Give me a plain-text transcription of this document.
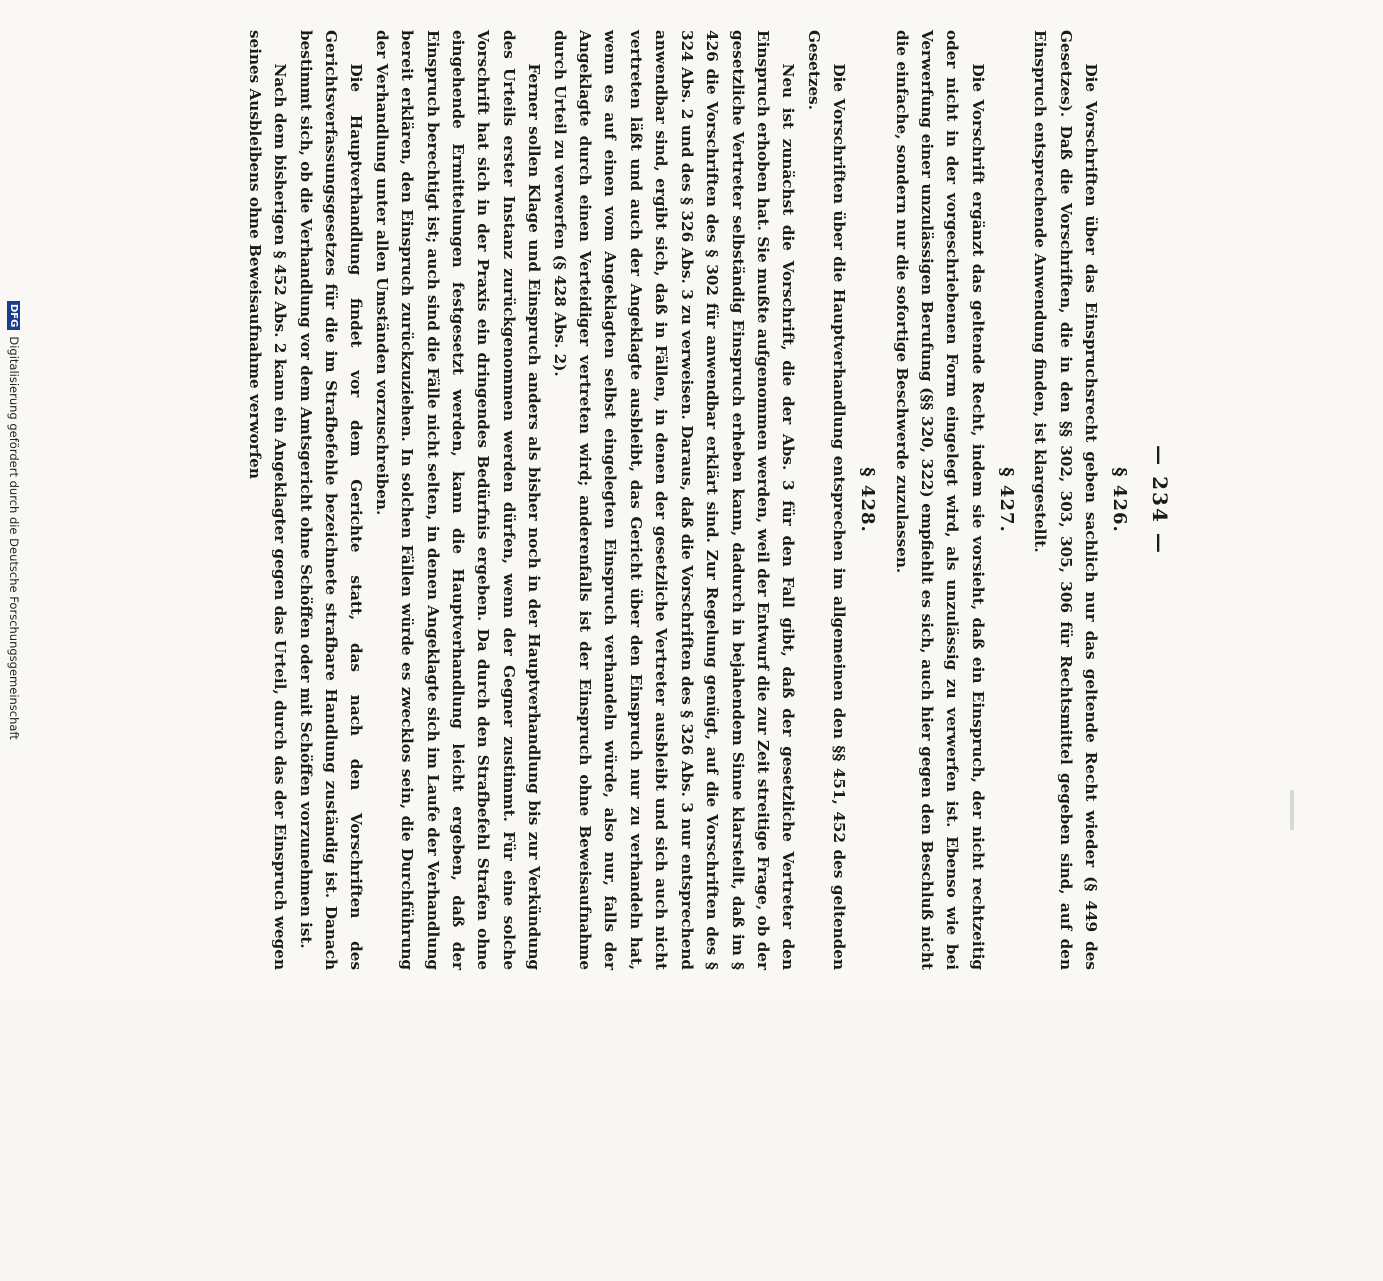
— 234 —
§ 426.

Die Vorschriften über das Einspruchsrecht geben sachlich nur das geltende Recht wieder (§ 449 des Gesetzes). Daß die Vorschriften, die in den §§ 302, 303, 305, 306 für Rechtsmittel gegeben sind, auf den Einspruch entsprechende Anwendung finden, ist klargestellt.

§ 427.

Die Vorschrift ergänzt das geltende Recht, indem sie vorsieht, daß ein Einspruch, der nicht rechtzeitig oder nicht in der vorgeschriebenen Form eingelegt wird, als unzulässig zu verwerfen ist. Ebenso wie bei Verwerfung einer unzulässigen Berufung (§§ 320, 322) empfiehlt es sich, auch hier gegen den Beschluß nicht die einfache, sondern nur die sofortige Beschwerde zuzulassen.

§ 428.

Die Vorschriften über die Hauptverhandlung entsprechen im allgemeinen den §§ 451, 452 des geltenden Gesetzes.

Neu ist zunächst die Vorschrift, die der Abs. 3 für den Fall gibt, daß der gesetzliche Vertreter den Einspruch erhoben hat. Sie mußte aufgenommen werden, weil der Entwurf die zur Zeit streitige Frage, ob der gesetzliche Vertreter selbständig Einspruch erheben kann, dadurch in bejahendem Sinne klarstellt, daß im § 426 die Vorschriften des § 302 für anwendbar erklärt sind. Zur Regelung genügt, auf die Vorschriften des § 324 Abs. 2 und des § 326 Abs. 3 zu verweisen. Daraus, daß die Vorschriften des § 326 Abs. 3 nur entsprechend anwendbar sind, ergibt sich, daß in Fällen, in denen der gesetzliche Vertreter ausbleibt und sich auch nicht vertreten läßt und auch der Angeklagte ausbleibt, das Gericht über den Einspruch nur zu verhandeln hat, wenn es auf einen vom Angeklagten selbst eingelegten Einspruch verhandeln würde, also nur, falls der Angeklagte durch einen Verteidiger vertreten wird; anderenfalls ist der Einspruch ohne Beweisaufnahme durch Urteil zu verwerfen (§ 428 Abs. 2).

Ferner sollen Klage und Einspruch anders als bisher noch in der Hauptverhandlung bis zur Verkündung des Urteils erster Instanz zurückgenommen werden dürfen, wenn der Gegner zustimmt. Für eine solche Vorschrift hat sich in der Praxis ein dringendes Bedürfnis ergeben. Da durch den Strafbefehl Strafen ohne eingehende Ermittelungen festgesetzt werden, kann die Hauptverhandlung leicht ergeben, daß der Einspruch berechtigt ist; auch sind die Fälle nicht selten, in denen Angeklagte sich im Laufe der Verhandlung bereit erklären, den Einspruch zurückzuziehen. In solchen Fällen würde es zwecklos sein, die Durchführung der Verhandlung unter allen Umständen vorzuschreiben.

Die Hauptverhandlung findet vor dem Gerichte statt, das nach den Vorschriften des Gerichtsverfassungsgesetzes für die im Strafbefehle bezeichnete strafbare Handlung zuständig ist. Danach bestimmt sich, ob die Verhandlung vor dem Amtsgericht ohne Schöffen oder mit Schöffen vorzunehmen ist.

Nach dem bisherigen § 452 Abs. 2 kann ein Angeklagter gegen das Urteil, durch das der Einspruch wegen seines Ausbleibens ohne Beweisaufnahme verworfen

DFGDigitalisierung gefördert durch die Deutsche Forschungsgemeinschaft
